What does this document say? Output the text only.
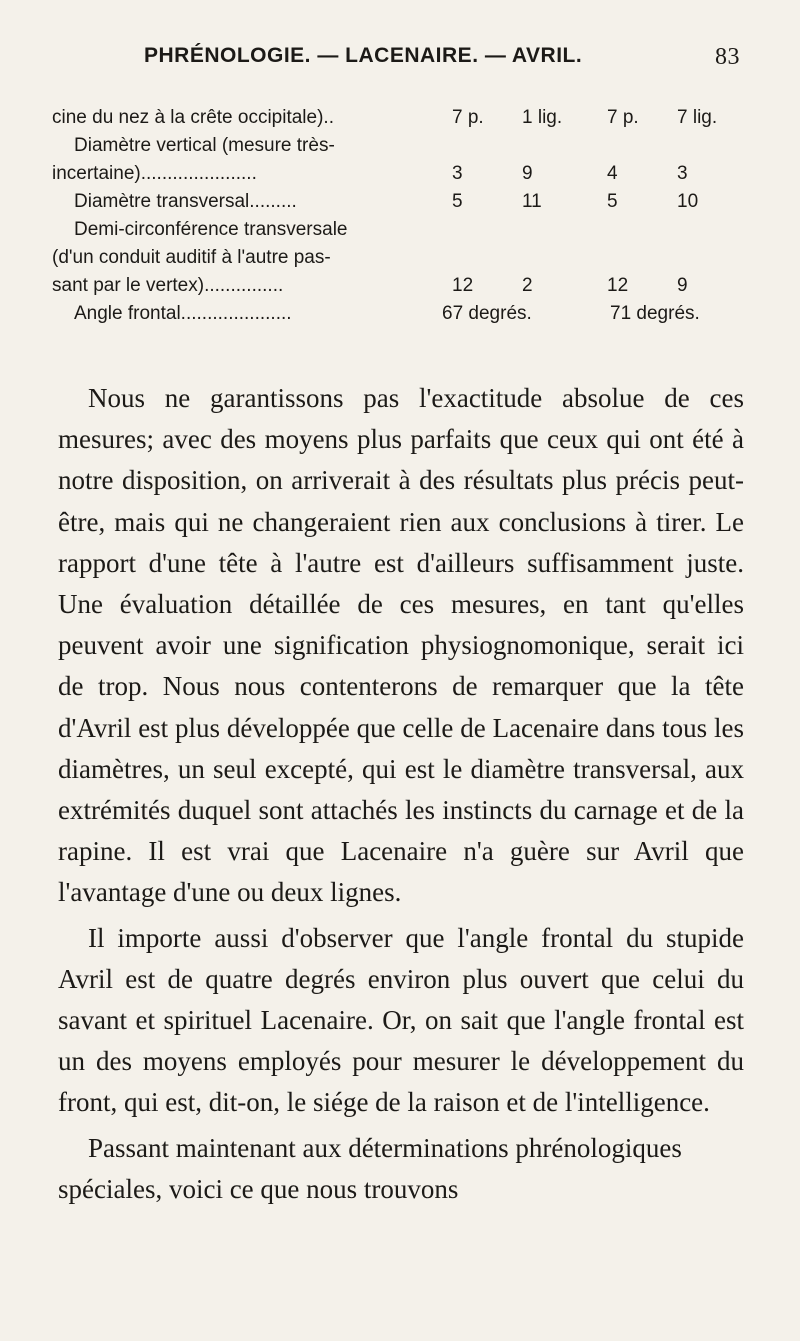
PHRÉNOLOGIE. — LACENAIRE. — AVRIL.	83
cine du nez à la crête occipitale)..	7 p.	1 lig.	7 p.	7 lig.
Diamètre vertical (mesure très-
incertaine)......................	3	9	4	3
Diamètre transversal.........	5	11	5	10
Demi-circonférence transversale
(d'un conduit auditif à l'autre pas-
sant par le vertex)...............	12	2	12	9
Angle frontal.....................	67 degrés.	71 degrés.

Nous ne garantissons pas l'exactitude absolue de ces mesures; avec des moyens plus parfaits que ceux qui ont été à notre disposition, on arriverait à des résultats plus précis peut-être, mais qui ne changeraient rien aux conclusions à tirer. Le rapport d'une tête à l'autre est d'ailleurs suffisamment juste. Une évaluation détaillée de ces mesures, en tant qu'elles peuvent avoir une signification physiognomonique, serait ici de trop. Nous nous contenterons de remarquer que la tête d'Avril est plus développée que celle de Lacenaire dans tous les diamètres, un seul excepté, qui est le diamètre transversal, aux extrémités duquel sont attachés les instincts du carnage et de la rapine. Il est vrai que Lacenaire n'a guère sur Avril que l'avantage d'une ou deux lignes.

Il importe aussi d'observer que l'angle frontal du stupide Avril est de quatre degrés environ plus ouvert que celui du savant et spirituel Lacenaire. Or, on sait que l'angle frontal est un des moyens employés pour mesurer le développement du front, qui est, dit-on, le siége de la raison et de l'intelligence.

Passant maintenant aux déterminations phrénologiques spéciales, voici ce que nous trouvons
